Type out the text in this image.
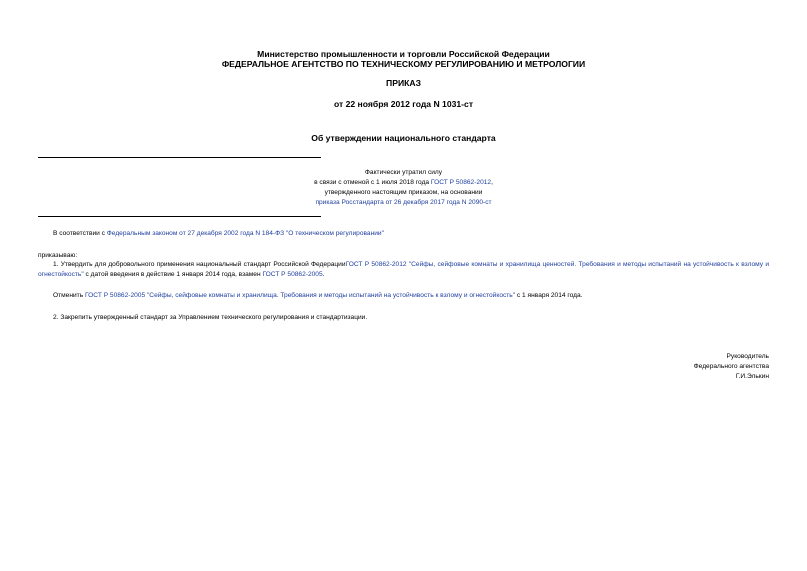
Министерство промышленности и торговли Российской Федерации
ФЕДЕРАЛЬНОЕ АГЕНТСТВО ПО ТЕХНИЧЕСКОМУ РЕГУЛИРОВАНИЮ И МЕТРОЛОГИИ
ПРИКАЗ
от 22 ноября 2012 года N 1031-ст
Об утверждении национального стандарта
Фактически утратил силу
в связи с отменой с 1 июля 2018 года ГОСТ Р 50862-2012,
утвержденного настоящим приказом, на основании
приказа Росстандарта от 26 декабря 2017 года N 2090-ст
В соответствии с Федеральным законом от 27 декабря 2002 года N 184-ФЗ "О техническом регулировании"
приказываю:
1. Утвердить для добровольного применения национальный стандарт Российской ФедерацииГОСТ Р 50862-2012 "Сейфы, сейфовые комнаты и хранилища ценностей. Требования и методы испытаний на устойчивость к взлому и огнестойкость" с датой введения в действие 1 января 2014 года, взамен ГОСТ Р 50862-2005.
Отменить ГОСТ Р 50862-2005 "Сейфы, сейфовые комнаты и хранилища. Требования и методы испытаний на устойчивость к взлому и огнестойкость" с 1 января 2014 года.
2. Закрепить утвержденный стандарт за Управлением технического регулирования и стандартизации.
Руководитель
Федерального агентства
Г.И.Элькин
